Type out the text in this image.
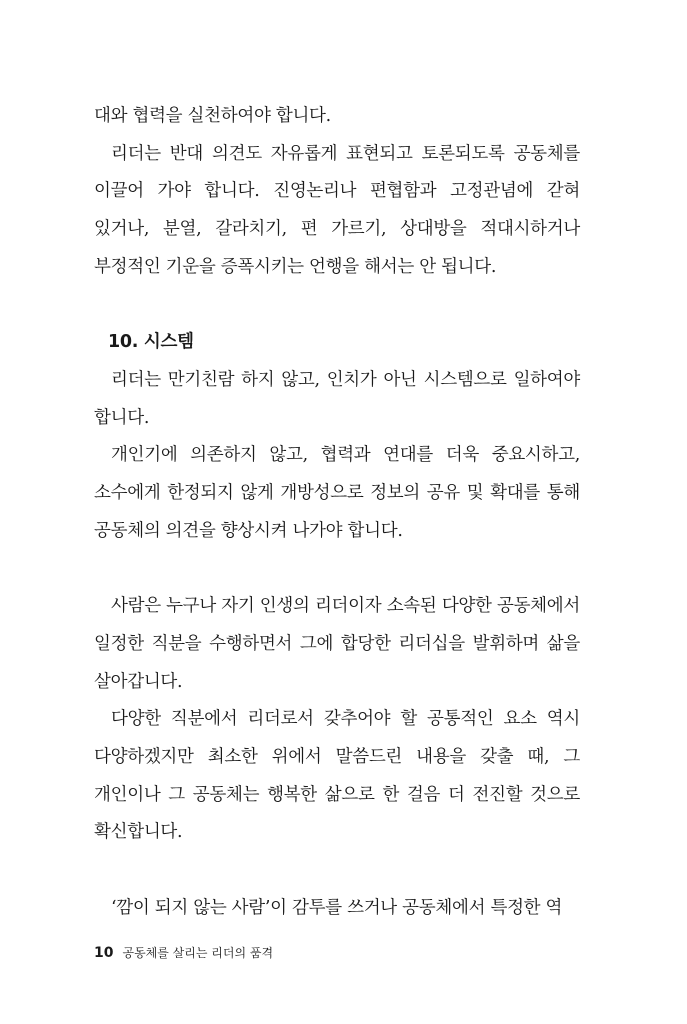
대와 협력을 실천하여야 합니다.

리더는 반대 의견도 자유롭게 표현되고 토론되도록 공동체를 이끌어 가야 합니다. 진영논리나 편협함과 고정관념에 갇혀 있거나, 분열, 갈라치기, 편 가르기, 상대방을 적대시하거나 부정적인 기운을 증폭시키는 언행을 해서는 안 됩니다.

10. 시스템

리더는 만기친람 하지 않고, 인치가 아닌 시스템으로 일하여야 합니다.

개인기에 의존하지 않고, 협력과 연대를 더욱 중요시하고, 소수에게 한정되지 않게 개방성으로 정보의 공유 및 확대를 통해 공동체의 의견을 향상시켜 나가야 합니다.

사람은 누구나 자기 인생의 리더이자 소속된 다양한 공동체에서 일정한 직분을 수행하면서 그에 합당한 리더십을 발휘하며 삶을 살아갑니다.

다양한 직분에서 리더로서 갖추어야 할 공통적인 요소 역시 다양하겠지만 최소한 위에서 말씀드린 내용을 갖출 때, 그 개인이나 그 공동체는 행복한 삶으로 한 걸음 더 전진할 것으로 확신합니다.

‘깜이 되지 않는 사람’이 감투를 쓰거나 공동체에서 특정한 역

10 공동체를 살리는 리더의 품격
